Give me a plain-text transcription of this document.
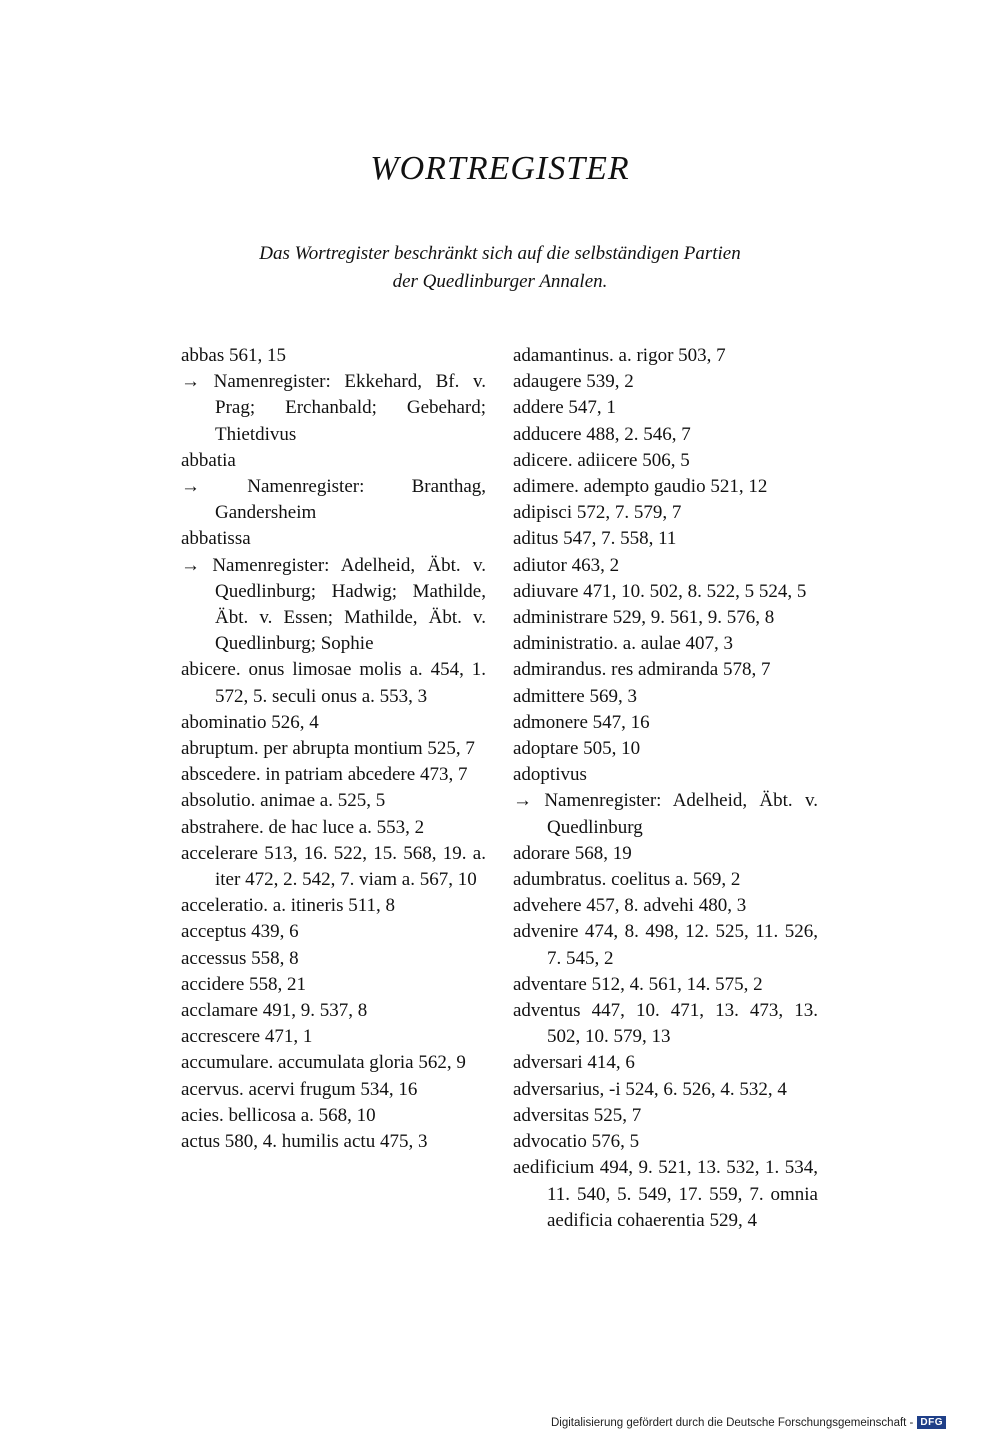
WORTREGISTER
Das Wortregister beschränkt sich auf die selbständigen Partien
der Quedlinburger Annalen.
abbas 561, 15
→ Namenregister: Ekkehard, Bf. v. Prag; Erchanbald; Gebehard; Thietdivus
abbatia
→ Namenregister: Branthag, Gandersheim
abbatissa
→ Namenregister: Adelheid, Äbt. v. Quedlinburg; Hadwig; Mathilde, Äbt. v. Essen; Mathilde, Äbt. v. Quedlinburg; Sophie
abicere. onus limosae molis a. 454, 1. 572, 5. seculi onus a. 553, 3
abominatio 526, 4
abruptum. per abrupta montium 525, 7
abscedere. in patriam abcedere 473, 7
absolutio. animae a. 525, 5
abstrahere. de hac luce a. 553, 2
accelerare 513, 16. 522, 15. 568, 19. a. iter 472, 2. 542, 7. viam a. 567, 10
acceleratio. a. itineris 511, 8
acceptus 439, 6
accessus 558, 8
accidere 558, 21
acclamare 491, 9. 537, 8
accrescere 471, 1
accumulare. accumulata gloria 562, 9
acervus. acervi frugum 534, 16
acies. bellicosa a. 568, 10
actus 580, 4. humilis actu 475, 3
adamantinus. a. rigor 503, 7
adaugere 539, 2
addere 547, 1
adducere 488, 2. 546, 7
adicere. adiicere 506, 5
adimere. adempto gaudio 521, 12
adipisci 572, 7. 579, 7
aditus 547, 7. 558, 11
adiutor 463, 2
adiuvare 471, 10. 502, 8. 522, 5 524, 5
administrare 529, 9. 561, 9. 576, 8
administratio. a. aulae 407, 3
admirandus. res admiranda 578, 7
admittere 569, 3
admonere 547, 16
adoptare 505, 10
adoptivus
→ Namenregister: Adelheid, Äbt. v. Quedlinburg
adorare 568, 19
adumbratus. coelitus a. 569, 2
advehere 457, 8. advehi 480, 3
advenire 474, 8. 498, 12. 525, 11. 526, 7. 545, 2
adventare 512, 4. 561, 14. 575, 2
adventus 447, 10. 471, 13. 473, 13. 502, 10. 579, 13
adversari 414, 6
adversarius, -i 524, 6. 526, 4. 532, 4
adversitas 525, 7
advocatio 576, 5
aedificium 494, 9. 521, 13. 532, 1. 534, 11. 540, 5. 549, 17. 559, 7. omnia aedificia cohaerentia 529, 4
Digitalisierung gefördert durch die Deutsche Forschungsgemeinschaft - DFG
